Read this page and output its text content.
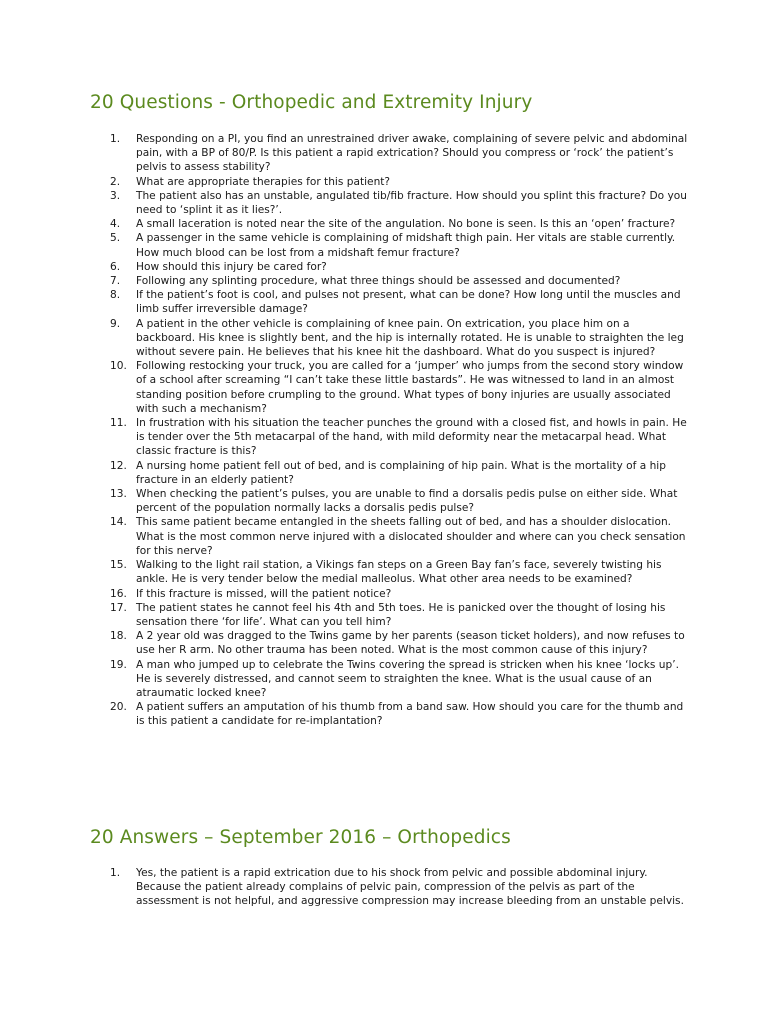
20 Questions - Orthopedic and Extremity Injury
1.	Responding on a PI, you find an unrestrained driver awake, complaining of severe pelvic and abdominal pain, with a BP of 80/P. Is this patient a rapid extrication? Should you compress or ‘rock’ the patient’s pelvis to assess stability?
2.	What are appropriate therapies for this patient?
3.	The patient also has an unstable, angulated tib/fib fracture. How should you splint this fracture? Do you need to ‘splint it as it lies?’.
4.	A small laceration is noted near the site of the angulation. No bone is seen. Is this an ‘open’ fracture?
5.	A passenger in the same vehicle is complaining of midshaft thigh pain. Her vitals are stable currently. How much blood can be lost from a midshaft femur fracture?
6.	How should this injury be cared for?
7.	Following any splinting procedure, what three things should be assessed and documented?
8.	If the patient’s foot is cool, and pulses not present, what can be done? How long until the muscles and limb suffer irreversible damage?
9.	A patient in the other vehicle is complaining of knee pain. On extrication, you place him on a backboard. His knee is slightly bent, and the hip is internally rotated. He is unable to straighten the leg without severe pain. He believes that his knee hit the dashboard. What do you suspect is injured?
10. Following restocking your truck, you are called for a ‘jumper’ who jumps from the second story window of a school after screaming “I can’t take these little bastards”. He was witnessed to land in an almost standing position before crumpling to the ground. What types of bony injuries are usually associated with such a mechanism?
11. In frustration with his situation the teacher punches the ground with a closed fist, and howls in pain. He is tender over the 5th metacarpal of the hand, with mild deformity near the metacarpal head. What classic fracture is this?
12. A nursing home patient fell out of bed, and is complaining of hip pain. What is the mortality of a hip fracture in an elderly patient?
13. When checking the patient’s pulses, you are unable to find a dorsalis pedis pulse on either side. What percent of the population normally lacks a dorsalis pedis pulse?
14. This same patient became entangled in the sheets falling out of bed, and has a shoulder dislocation. What is the most common nerve injured with a dislocated shoulder and where can you check sensation for this nerve?
15. Walking to the light rail station, a Vikings fan steps on a Green Bay fan’s face, severely twisting his ankle. He is very tender below the medial malleolus. What other area needs to be examined?
16. If this fracture is missed, will the patient notice?
17. The patient states he cannot feel his 4th and 5th toes. He is panicked over the thought of losing his sensation there ‘for life’. What can you tell him?
18. A 2 year old was dragged to the Twins game by her parents (season ticket holders), and now refuses to use her R arm. No other trauma has been noted. What is the most common cause of this injury?
19. A man who jumped up to celebrate the Twins covering the spread is stricken when his knee ‘locks up’. He is severely distressed, and cannot seem to straighten the knee. What is the usual cause of an atraumatic locked knee?
20. A patient suffers an amputation of his thumb from a band saw. How should you care for the thumb and is this patient a candidate for re-implantation?
20 Answers – September 2016 – Orthopedics
1.	Yes, the patient is a rapid extrication due to his shock from pelvic and possible abdominal injury. Because the patient already complains of pelvic pain, compression of the pelvis as part of the assessment is not helpful, and aggressive compression may increase bleeding from an unstable pelvis.
